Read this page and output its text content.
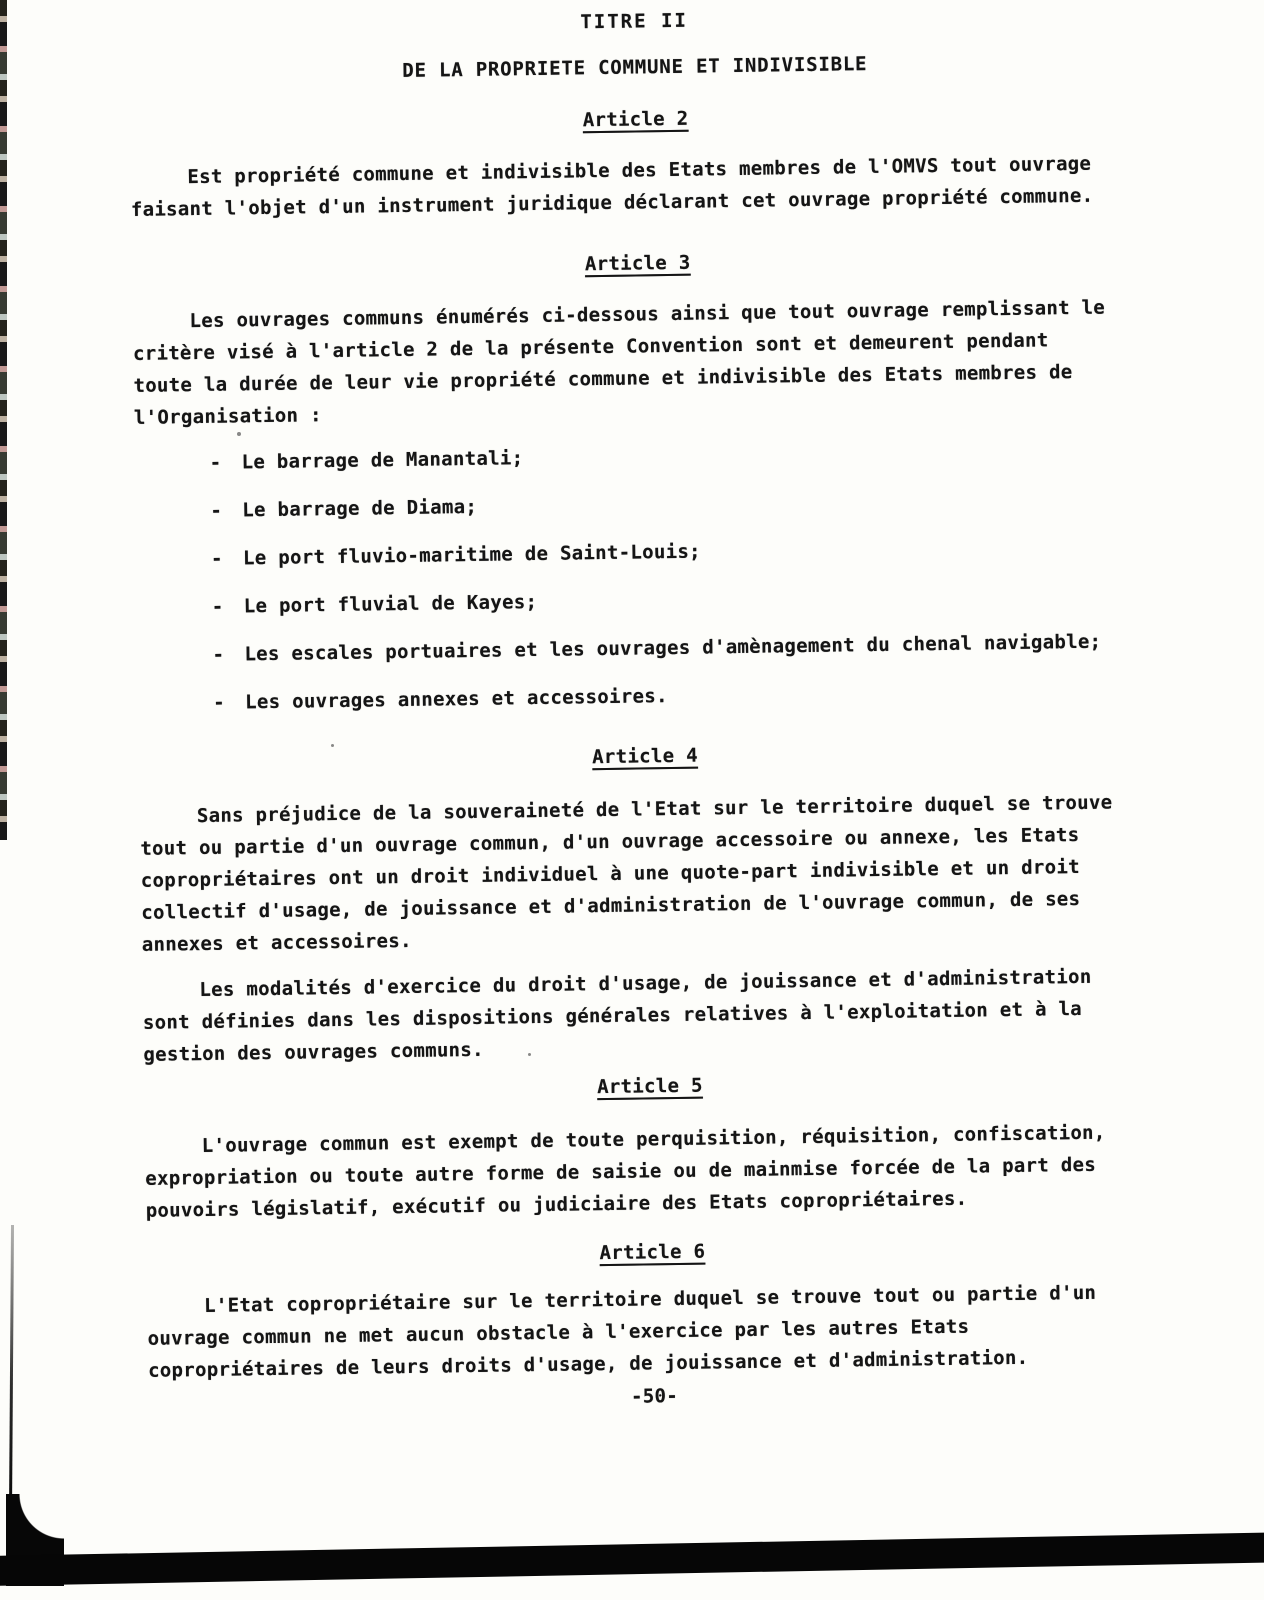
TITRE II
DE LA PROPRIETE COMMUNE ET INDIVISIBLE
Article 2
Est propriété commune et indivisible des Etats membres de l'OMVS tout ouvrage
faisant l'objet d'un instrument juridique déclarant cet ouvrage propriété commune.
Article 3
Les ouvrages communs énumérés ci-dessous ainsi que tout ouvrage remplissant le
critère visé à l'article 2 de la présente Convention sont et demeurent pendant
toute la durée de leur vie propriété commune et indivisible des Etats membres de
l'Organisation :
-	Le barrage de Manantali;
-	Le barrage de Diama;
-	Le port fluvio-maritime de Saint-Louis;
-	Le port fluvial de Kayes;
-	Les escales portuaires et les ouvrages d'amènagement du chenal navigable;
-	Les ouvrages annexes et accessoires.
Article 4
Sans préjudice de la souveraineté de l'Etat sur le territoire duquel se trouve
tout ou partie d'un ouvrage commun, d'un ouvrage accessoire ou annexe, les Etats
copropriétaires ont un droit individuel à une quote-part indivisible et un droit
collectif d'usage, de jouissance et d'administration de l'ouvrage commun, de ses
annexes et accessoires.
Les modalités d'exercice du droit d'usage, de jouissance et d'administration
sont définies dans les dispositions générales relatives à l'exploitation et à la
gestion des ouvrages communs.
Article 5
L'ouvrage commun est exempt de toute perquisition, réquisition, confiscation,
expropriation ou toute autre forme de saisie ou de mainmise forcée de la part des
pouvoirs législatif, exécutif ou judiciaire des Etats copropriétaires.
Article 6
L'Etat copropriétaire sur le territoire duquel se trouve tout ou partie d'un
ouvrage commun ne met aucun obstacle à l'exercice par les autres Etats
copropriétaires de leurs droits d'usage, de jouissance et d'administration.
-50-
